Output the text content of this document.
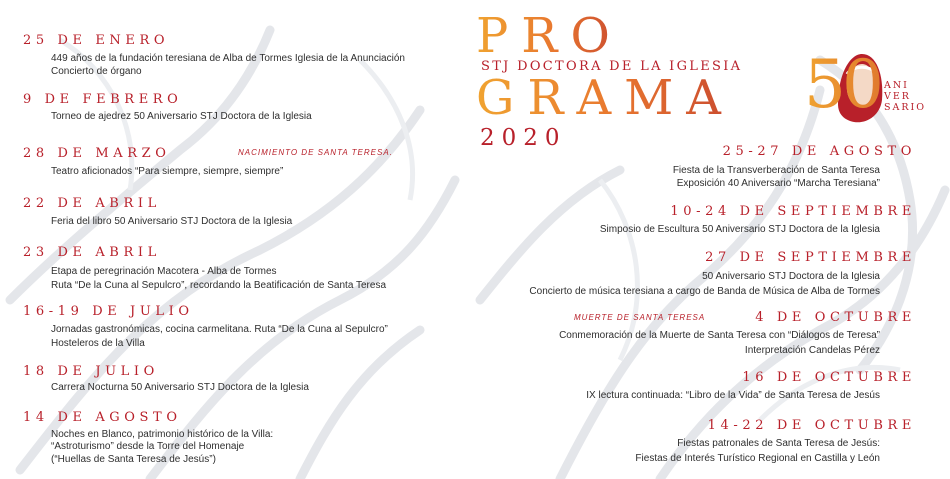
PRO
STJ DOCTORA DE LA IGLESIA
GRAMA
2020
50 ANI
VER
SARIO
25 DE ENERO
449 años de la fundación teresiana de Alba de Tormes Iglesia de la Anunciación
Concierto de órgano
9 DE FEBRERO
Torneo de ajedrez 50 Aniversario STJ Doctora de la Iglesia
28 DE MARZO	NACIMIENTO DE SANTA TERESA.
Teatro aficionados “Para siempre, siempre, siempre”
22 DE ABRIL
Feria del libro 50 Aniversario STJ Doctora de la Iglesia
23 DE ABRIL
Etapa de peregrinación Macotera - Alba de Tormes
Ruta “De la Cuna al Sepulcro”, recordando la Beatificación de Santa Teresa
16-19 DE JULIO
Jornadas gastronómicas, cocina carmelitana. Ruta “De la Cuna al Sepulcro”
Hosteleros de la Villa
18 DE JULIO
Carrera Nocturna 50 Aniversario STJ Doctora de la Iglesia
14 DE AGOSTO
Noches en Blanco, patrimonio histórico de la Villa:
“Astroturismo” desde la Torre del Homenaje
(“Huellas de Santa Teresa de Jesús”)
25-27 DE AGOSTO
Fiesta de la Transverberación de Santa Teresa
Exposición 40 Aniversario “Marcha Teresiana”
10-24 DE SEPTIEMBRE
Simposio de Escultura 50 Aniversario STJ Doctora de la Iglesia
27 DE SEPTIEMBRE
50 Aniversario STJ Doctora de la Iglesia
Concierto de música teresiana a cargo de Banda de Música de Alba de Tormes
4 DE OCTUBRE
MUERTE DE SANTA TERESA
Conmemoración de la Muerte de Santa Teresa con “Diálogos de Teresa”
Interpretación Candelas Pérez
16 DE OCTUBRE
IX lectura continuada: “Libro de la Vida” de Santa Teresa de Jesús
14-22 DE OCTUBRE
Fiestas patronales de Santa Teresa de Jesús:
Fiestas de Interés Turístico Regional en Castilla y León
